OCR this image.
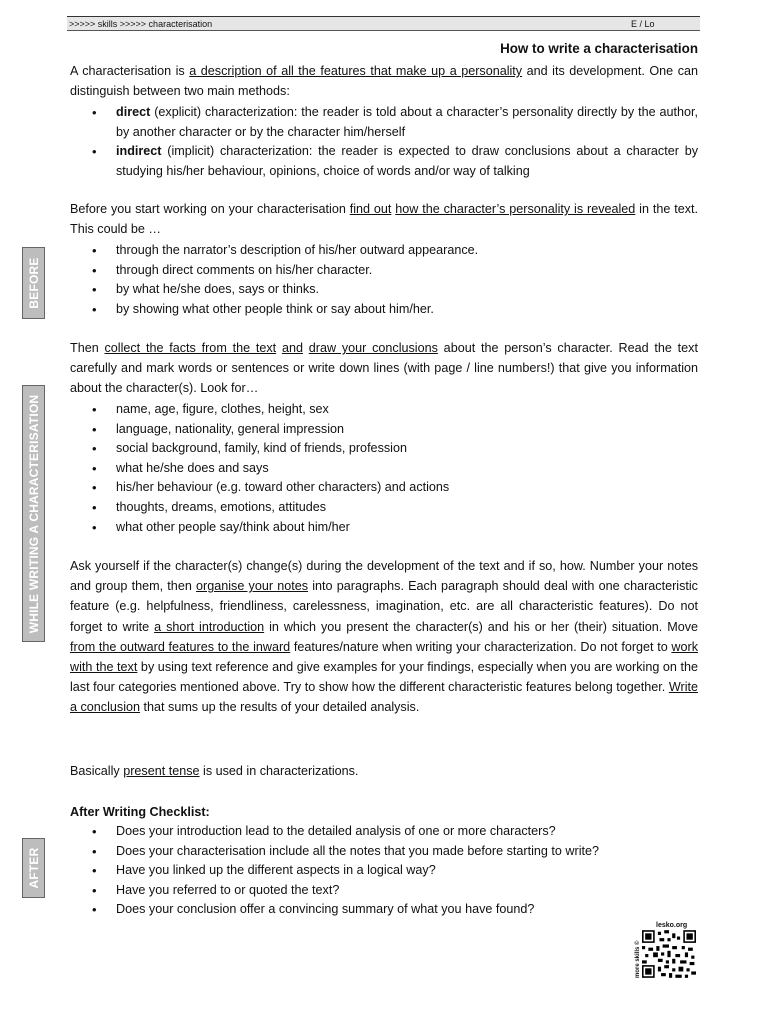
>>>>> skills >>>>> characterisation	E / Lo
How to write a characterisation

A characterisation is a description of all the features that make up a personality and its development. One can distinguish between two main methods:

• direct (explicit) characterization: the reader is told about a character’s personality directly by the author, by another character or by the character him/herself
• indirect (implicit) characterization: the reader is expected to draw conclusions about a character by studying his/her behaviour, opinions, choice of words and/or way of talking

Before you start working on your characterisation find out how the character’s personality is revealed in the text. This could be …

• through the narrator’s description of his/her outward appearance.
• through direct comments on his/her character.
• by what he/she does, says or thinks.
• by showing what other people think or say about him/her.

Then collect the facts from the text and draw your conclusions about the person’s character. Read the text carefully and mark words or sentences or write down lines (with page / line numbers!) that give you information about the character(s). Look for…

• name, age, figure, clothes, height, sex
• language, nationality, general impression
• social background, family, kind of friends, profession
• what he/she does and says
• his/her behaviour (e.g. toward other characters) and actions
• thoughts, dreams, emotions, attitudes
• what other people say/think about him/her

Ask yourself if the character(s) change(s) during the development of the text and if so, how. Number your notes and group them, then organise your notes into paragraphs. Each paragraph should deal with one characteristic feature (e.g. helpfulness, friendliness, carelessness, imagination, etc. are all characteristic features). Do not forget to write a short introduction in which you present the character(s) and his or her (their) situation. Move from the outward features to the inward features/nature when writing your characterization. Do not forget to work with the text by using text reference and give examples for your findings, especially when you are working on the last four categories mentioned above. Try to show how the different characteristic features belong together. Write a conclusion that sums up the results of your detailed analysis.

Basically present tense is used in characterizations.

After Writing Checklist:

• Does your introduction lead to the detailed analysis of one or more characters?
• Does your characterisation include all the notes that you made before starting to write?
• Have you linked up the different aspects in a logical way?
• Have you referred to or quoted the text?
• Does your conclusion offer a convincing summary of what you have found?
BEFORE
WHILE WRITING A CHARACTERISATION
AFTER
lesko.org
more skills ©
